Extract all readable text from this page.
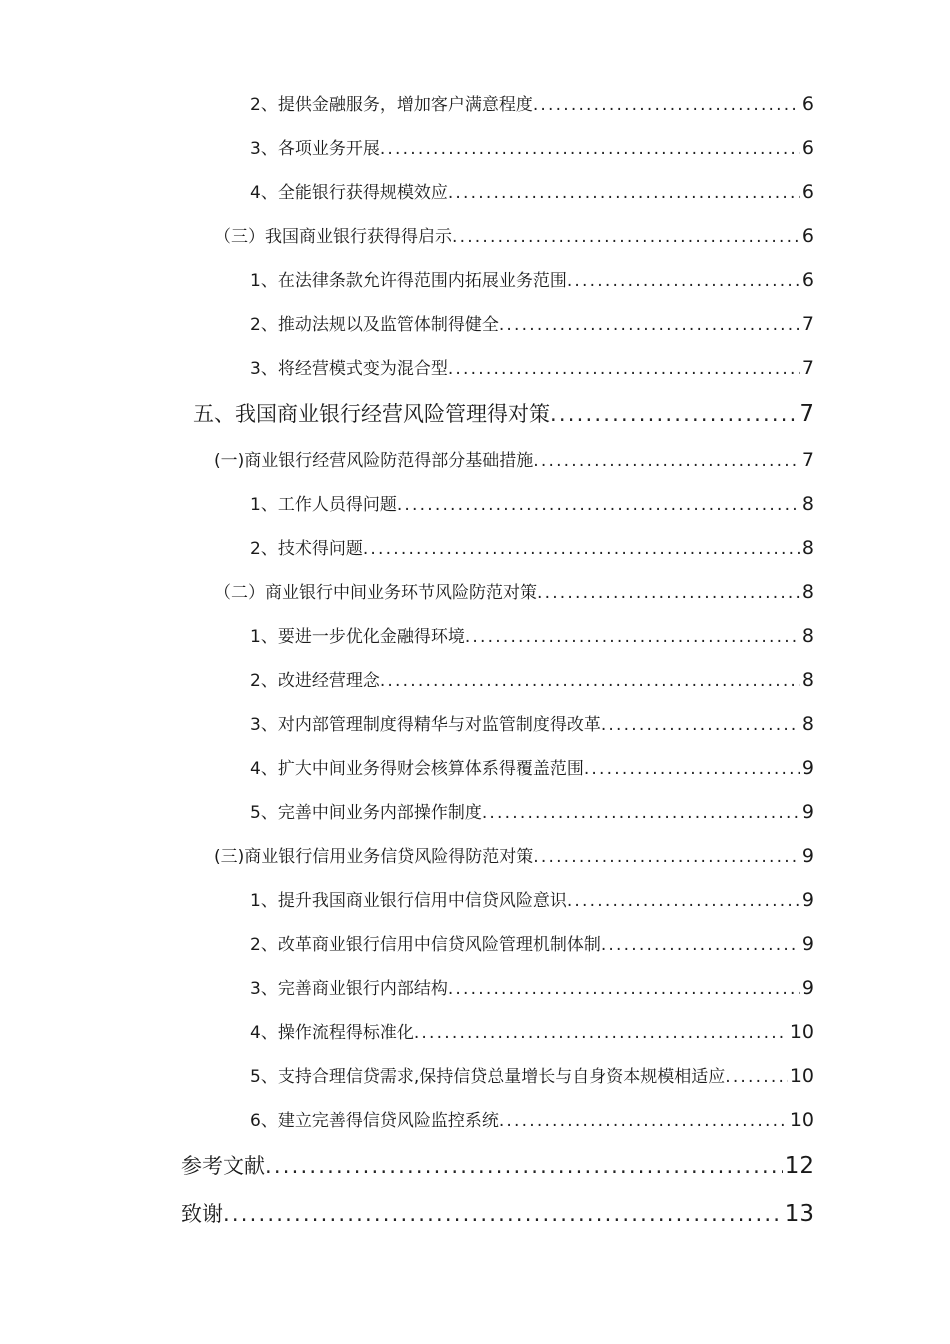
2、提供金融服务，增加客户满意程度 .....	6
3、各项业务开展 .....	6
4、全能银行获得规模效应 .....	6
（三）我国商业银行获得得启示 .....	6
1、在法律条款允许得范围内拓展业务范围 .....	6
2、推动法规以及监管体制得健全 .....	7
3、将经营模式变为混合型 .....	7
五、我国商业银行经营风险管理得对策 .....	7
(一)商业银行经营风险防范得部分基础措施 .....	7
1、工作人员得问题 .....	8
2、技术得问题 .....	8
（二）商业银行中间业务环节风险防范对策 .....	8
1、要进一步优化金融得环境 .....	8
2、改进经营理念 .....	8
3、对内部管理制度得精华与对监管制度得改革 .....	8
4、扩大中间业务得财会核算体系得覆盖范围 .....	9
5、完善中间业务内部操作制度 .....	9
(三)商业银行信用业务信贷风险得防范对策 .....	9
1、提升我国商业银行信用中信贷风险意识 .....	9
2、改革商业银行信用中信贷风险管理机制体制 .....	9
3、完善商业银行内部结构 .....	9
4、操作流程得标准化 .....	10
5、支持合理信贷需求,保持信贷总量增长与自身资本规模相适应 .....	10
6、建立完善得信贷风险监控系统 .....	10
参考文献 .....	12
致谢 .....	13
